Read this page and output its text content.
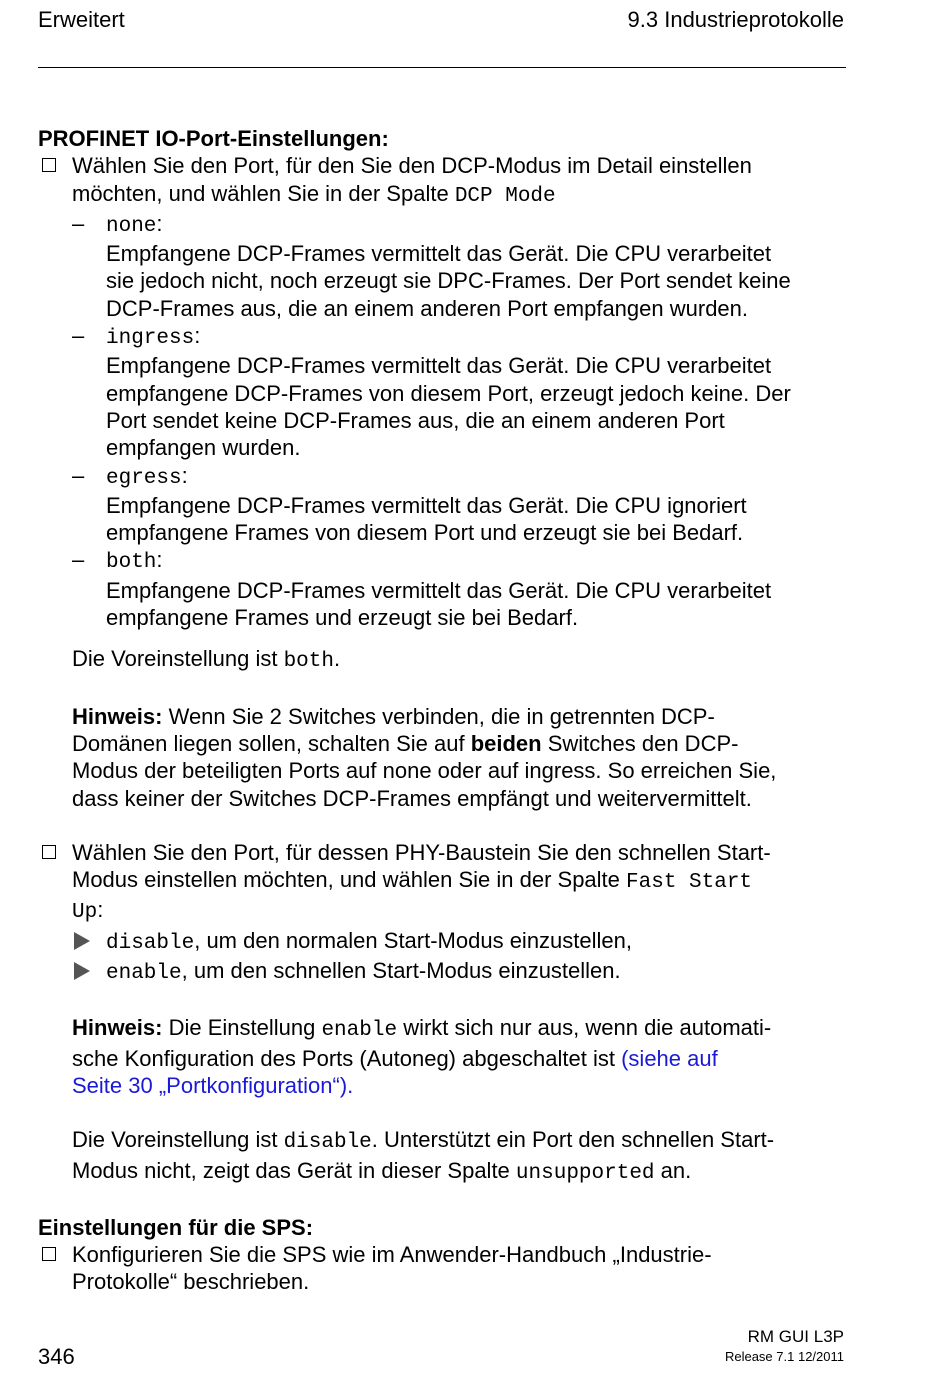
Erweitert	9.3 Industrieprotokolle
PROFINET IO-Port-Einstellungen:
Wählen Sie den Port, für den Sie den DCP-Modus im Detail einstellen
möchten, und wählen Sie in der Spalte DCP Mode
– none:
Empfangene DCP-Frames vermittelt das Gerät. Die CPU verarbeitet
sie jedoch nicht, noch erzeugt sie DPC-Frames. Der Port sendet keine
DCP-Frames aus, die an einem anderen Port empfangen wurden.
– ingress:
Empfangene DCP-Frames vermittelt das Gerät. Die CPU verarbeitet
empfangene DCP-Frames von diesem Port, erzeugt jedoch keine. Der
Port sendet keine DCP-Frames aus, die an einem anderen Port
empfangen wurden.
– egress:
Empfangene DCP-Frames vermittelt das Gerät. Die CPU ignoriert
empfangene Frames von diesem Port und erzeugt sie bei Bedarf.
– both:
Empfangene DCP-Frames vermittelt das Gerät. Die CPU verarbeitet
empfangene Frames und erzeugt sie bei Bedarf.
Die Voreinstellung ist both.
Hinweis: Wenn Sie 2 Switches verbinden, die in getrennten DCP-
Domänen liegen sollen, schalten Sie auf beiden Switches den DCP-
Modus der beteiligten Ports auf none oder auf ingress. So erreichen Sie,
dass keiner der Switches DCP-Frames empfängt und weitervermittelt.
Wählen Sie den Port, für dessen PHY-Baustein Sie den schnellen Start-
Modus einstellen möchten, und wählen Sie in der Spalte Fast Start
Up:
disable, um den normalen Start-Modus einzustellen,
enable, um den schnellen Start-Modus einzustellen.
Hinweis: Die Einstellung enable wirkt sich nur aus, wenn die automati-
sche Konfiguration des Ports (Autoneg) abgeschaltet ist (siehe auf
Seite 30 „Portkonfiguration“).
Die Voreinstellung ist disable. Unterstützt ein Port den schnellen Start-
Modus nicht, zeigt das Gerät in dieser Spalte unsupported an.
Einstellungen für die SPS:
Konfigurieren Sie die SPS wie im Anwender-Handbuch „Industrie-
Protokolle“ beschrieben.
346
RM GUI L3P
Release 7.1 12/2011
